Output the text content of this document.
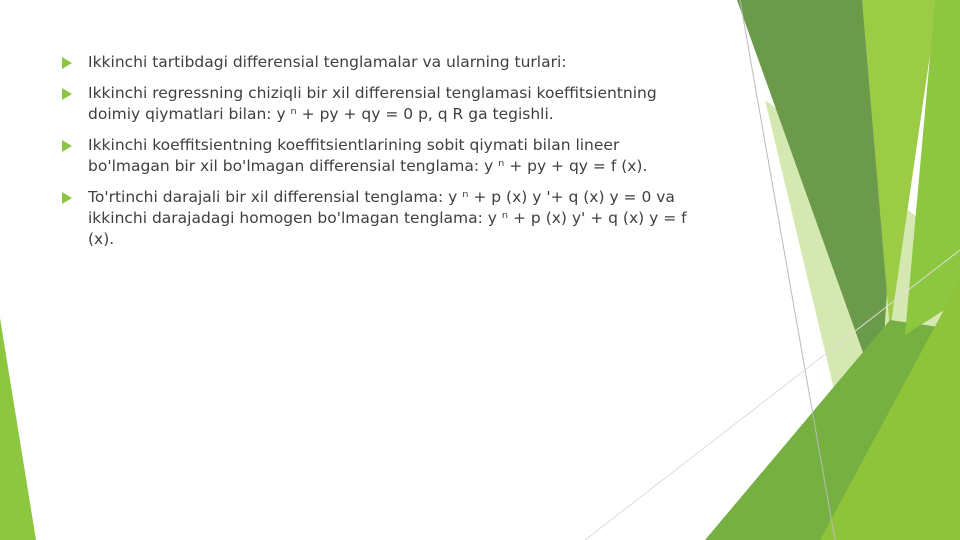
Ikkinchi tartibdagi differensial tenglamalar va ularning turlari:
Ikkinchi regressning chiziqli bir xil differensial tenglamasi koeffitsientning doimiy qiymatlari bilan: y ⁿ + py + qy = 0 p, q R ga tegishli.
Ikkinchi koeffitsientning koeffitsientlarining sobit qiymati bilan lineer bo'lmagan bir xil bo'lmagan differensial tenglama: y ⁿ + py + qy = f (x).
To'rtinchi darajali bir xil differensial tenglama: y ⁿ + p (x) y '+ q (x) y = 0 va ikkinchi darajadagi homogen bo'lmagan tenglama: y ⁿ + p (x) y' + q (x) y = f (x).
